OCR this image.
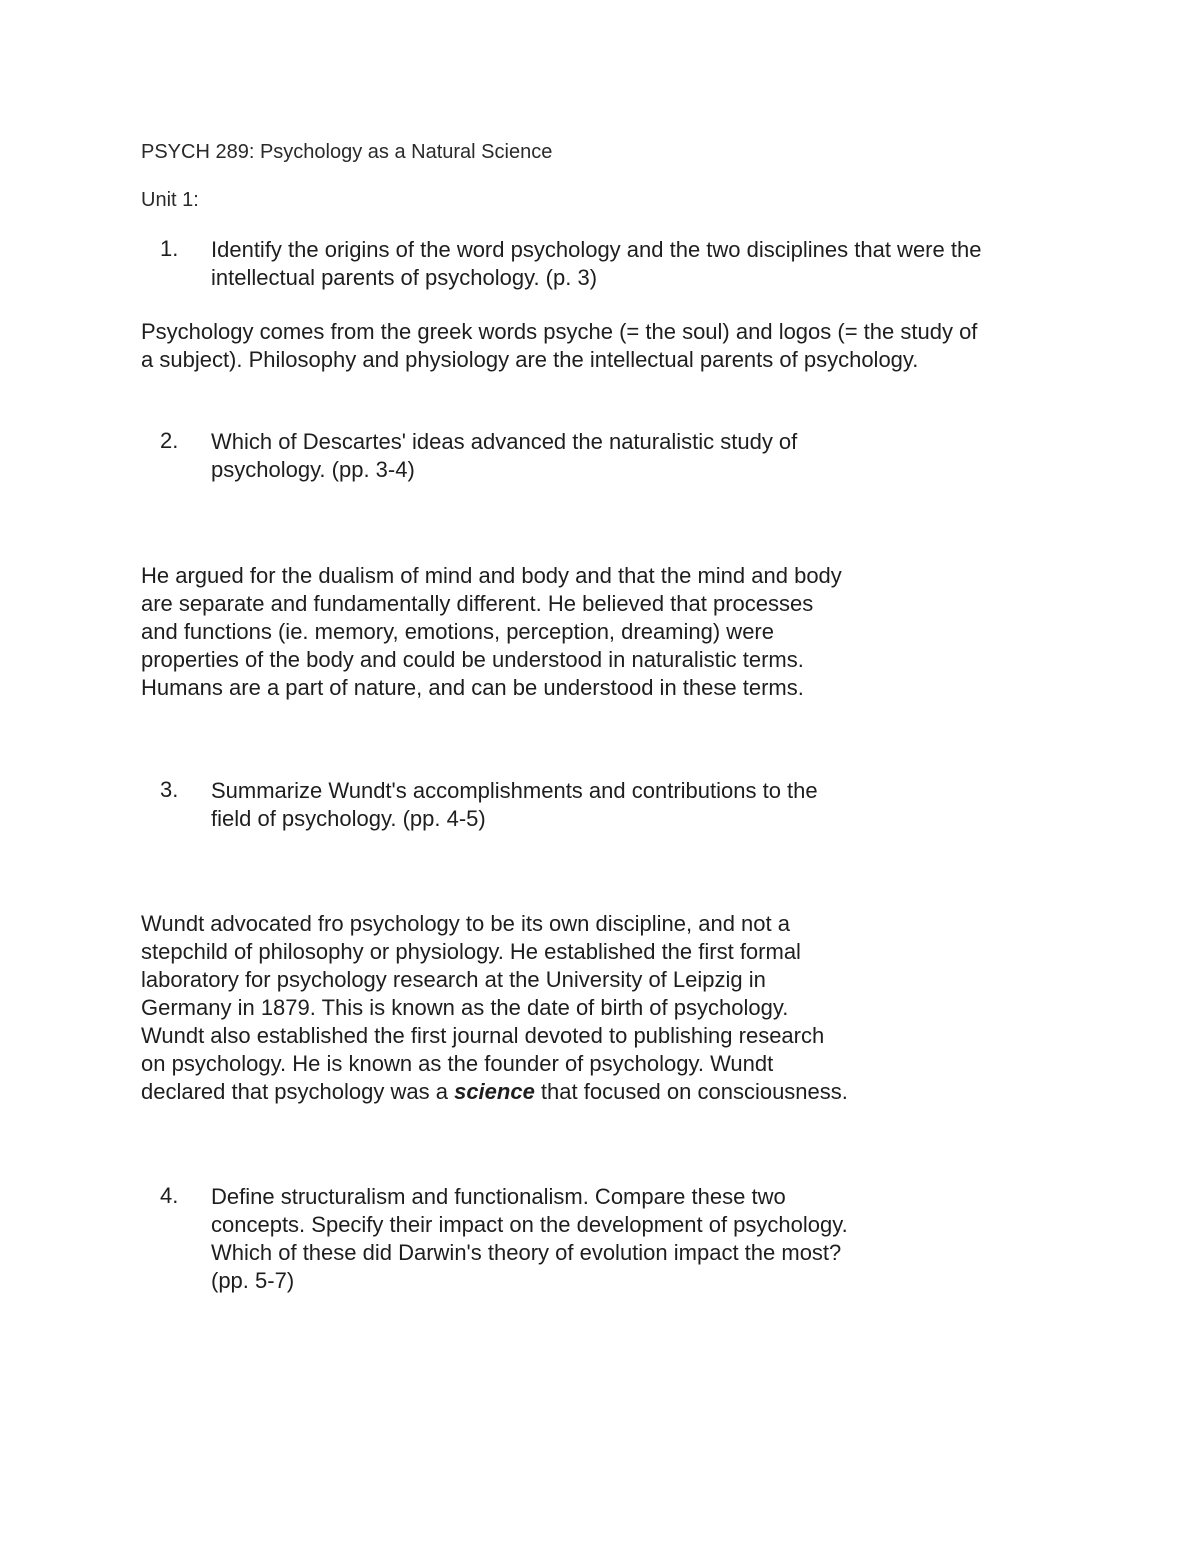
PSYCH 289: Psychology as a Natural Science
Unit 1:
1. Identify the origins of the word psychology and the two disciplines that were the
intellectual parents of psychology. (p. 3)
Psychology comes from the greek words psyche (= the soul) and logos (= the study of
a subject). Philosophy and physiology are the intellectual parents of psychology.
2. Which of Descartes' ideas advanced the naturalistic study of
psychology. (pp. 3-4)
He argued for the dualism of mind and body and that the mind and body
are separate and fundamentally different. He believed that processes
and functions (ie. memory, emotions, perception, dreaming) were
properties of the body and could be understood in naturalistic terms.
Humans are a part of nature, and can be understood in these terms.
3. Summarize Wundt's accomplishments and contributions to the
field of psychology. (pp. 4-5)
Wundt advocated fro psychology to be its own discipline, and not a
stepchild of philosophy or physiology. He established the first formal
laboratory for psychology research at the University of Leipzig in
Germany in 1879. This is known as the date of birth of psychology.
Wundt also established the first journal devoted to publishing research
on psychology. He is known as the founder of psychology. Wundt
declared that psychology was a science that focused on consciousness.
4. Define structuralism and functionalism. Compare these two
concepts. Specify their impact on the development of psychology.
Which of these did Darwin's theory of evolution impact the most?
(pp. 5-7)
